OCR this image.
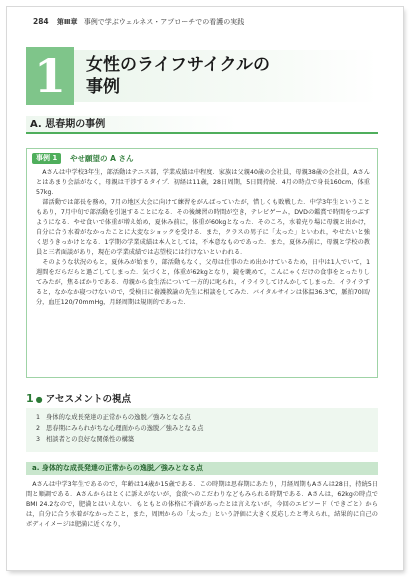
284 第Ⅲ章 事例で学ぶウェルネス・アプローチでの看護の実践
1	女性のライフサイクルの
事例
A. 思春期の事例
事例 1	やせ願望の A さん

Aさんは中学校3年生，部活動はテニス部，学業成績は中程度．家族は父親40歳の会社員，母親38歳の会社員，Aさんとはあまり会話がなく，母親は干渉するタイプ．初経は11歳，28日周期，5日間持続．4月の時点で身長160cm，体重57kg．

部活動では部長を務め，7月の地区大会に向けて練習をがんばっていたが，惜しくも敗戦した．中学3年生ということもあり，7月中旬で部活動を引退することになる．その後練習の時間が空き，テレビゲーム，DVDの鑑賞で時間をつぶすようになる．やせ食いで体重が増え始め，夏休み前に，体重が60kgとなった．そのころ，水着売り場に母親と出かけ，自分に合う水着がなかったことに大変なショックを受ける．また，クラスの男子に「太った」といわれ，やせたいと強く思うきっかけとなる．1学期の学業成績は本人としては，不本意なものであった．また，夏休み前に，母親と学校の教員と三者面談があり，現在の学業成績では志望校には行けないといわれる．

そのような状況のもと，夏休みが始まり，部活動もなく，父母は仕事のため出かけているため，日中は1人でいて，1週間をだらだらと過ごしてしまった．気づくと，体重が62kgとなり，鏡を眺めて，こんにゃくだけの食事をとったりしてみたが，焦るばかりである．母親から食生活について一方的に叱られ，イライラしてけんかしてしまった．イライラすると，なかなか寝つけないので，受検日に養護教諭の先生に相談をしてみた．バイタルサインは体温36.3℃，脈拍70回/分，血圧120/70mmHg，月経周期は規則的であった．

1 ● アセスメントの視点
1 身体的な成長発達の正常からの逸脱／強みとなる点
2 思春期にみられがちな心理面からの逸脱／強みとなる点
3 相談者との良好な関係性の構築
a. 身体的な成長発達の正常からの逸脱／強みとなる点

Aさんは中学3年生であるので，年齢は14歳か15歳である．この時期は思春期にあたり，月経周期もAさんは28日，持続5日間と順調である．Aさんからはとくに訴えがないが，食欲へのこだわりなどもみられる時期である．Aさんは，62kgの時点でBMI 24.2なので，肥満とはいえない．もともとの体格に不満があったとは言えないが，今回のエピソード（できごと）からは，自分に合う水着がなかったこと，また，周囲からの「太った」という評価に大きく反応したと考えられ，結果的に自己のボディイメージは肥満に近くなり，
